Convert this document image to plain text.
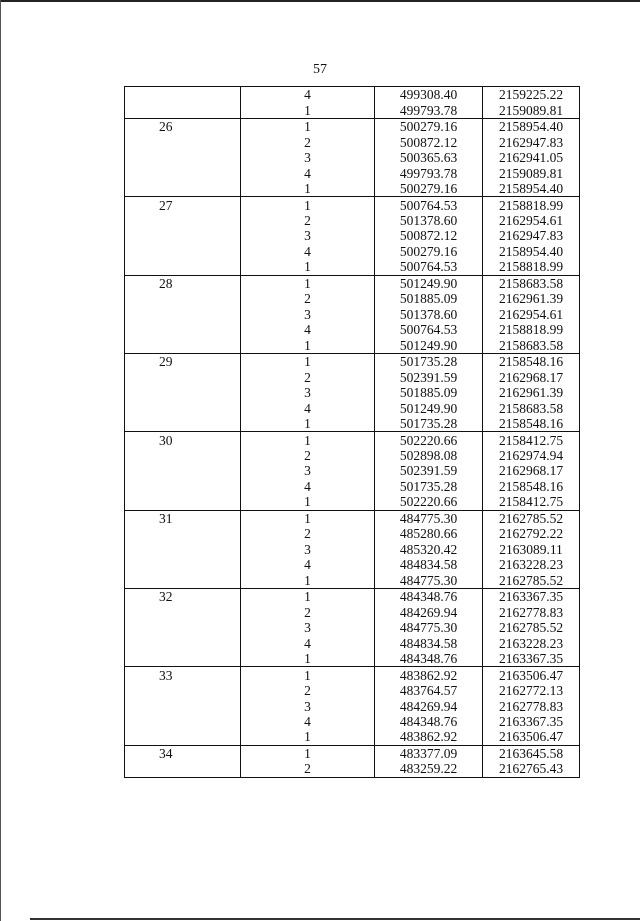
57
	4	499308.40	2159225.22
	1	499793.78	2159089.81
26	1	500279.16	2158954.40
	2	500872.12	2162947.83
	3	500365.63	2162941.05
	4	499793.78	2159089.81
	1	500279.16	2158954.40
27	1	500764.53	2158818.99
	2	501378.60	2162954.61
	3	500872.12	2162947.83
	4	500279.16	2158954.40
	1	500764.53	2158818.99
28	1	501249.90	2158683.58
	2	501885.09	2162961.39
	3	501378.60	2162954.61
	4	500764.53	2158818.99
	1	501249.90	2158683.58
29	1	501735.28	2158548.16
	2	502391.59	2162968.17
	3	501885.09	2162961.39
	4	501249.90	2158683.58
	1	501735.28	2158548.16
30	1	502220.66	2158412.75
	2	502898.08	2162974.94
	3	502391.59	2162968.17
	4	501735.28	2158548.16
	1	502220.66	2158412.75
31	1	484775.30	2162785.52
	2	485280.66	2162792.22
	3	485320.42	2163089.11
	4	484834.58	2163228.23
	1	484775.30	2162785.52
32	1	484348.76	2163367.35
	2	484269.94	2162778.83
	3	484775.30	2162785.52
	4	484834.58	2163228.23
	1	484348.76	2163367.35
33	1	483862.92	2163506.47
	2	483764.57	2162772.13
	3	484269.94	2162778.83
	4	484348.76	2163367.35
	1	483862.92	2163506.47
34	1	483377.09	2163645.58
	2	483259.22	2162765.43
